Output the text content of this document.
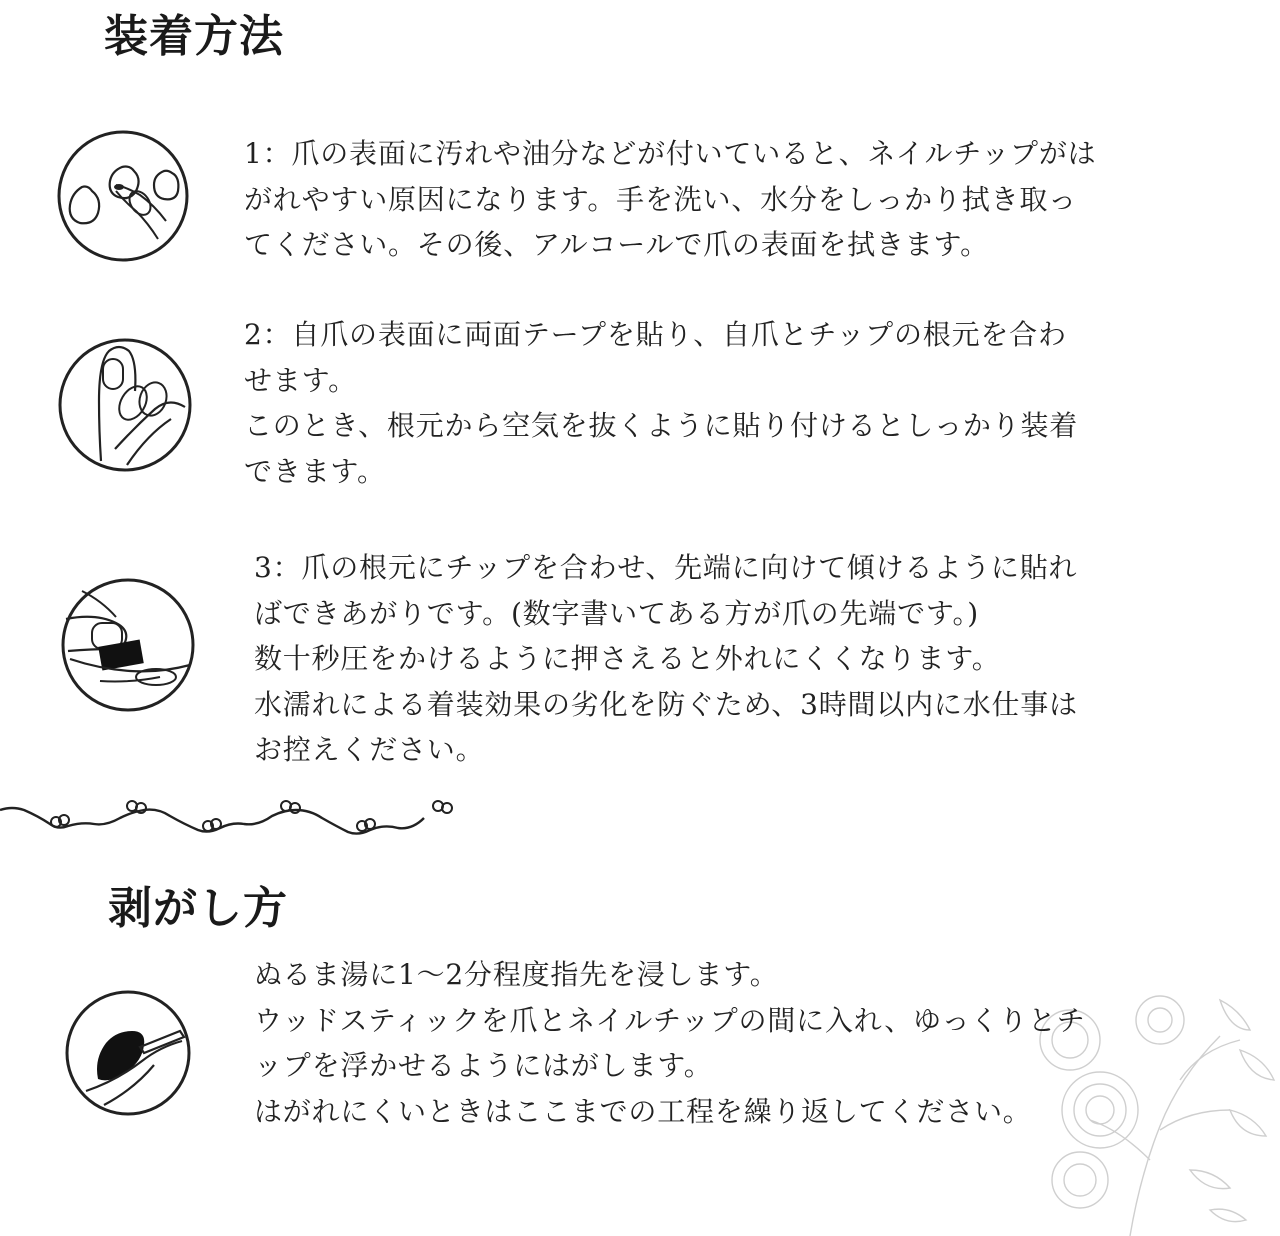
装着方法
1：爪の表面に汚れや油分などが付いていると、ネイルチップがは
がれやすい原因になります。手を洗い、水分をしっかり拭き取っ
てください。その後、アルコールで爪の表面を拭きます。
2：自爪の表面に両面テープを貼り、自爪とチップの根元を合わ
せます。
このとき、根元から空気を抜くように貼り付けるとしっかり装着
できます。
3：爪の根元にチップを合わせ、先端に向けて傾けるように貼れ
ばできあがりです。(数字書いてある方が爪の先端です。)
数十秒圧をかけるように押さえると外れにくくなります。
水濡れによる着装効果の劣化を防ぐため、3時間以内に水仕事は
お控えください。
剥がし方
ぬるま湯に1～2分程度指先を浸します。
ウッドスティックを爪とネイルチップの間に入れ、ゆっくりとチ
ップを浮かせるようにはがします。
はがれにくいときはここまでの工程を繰り返してください。
